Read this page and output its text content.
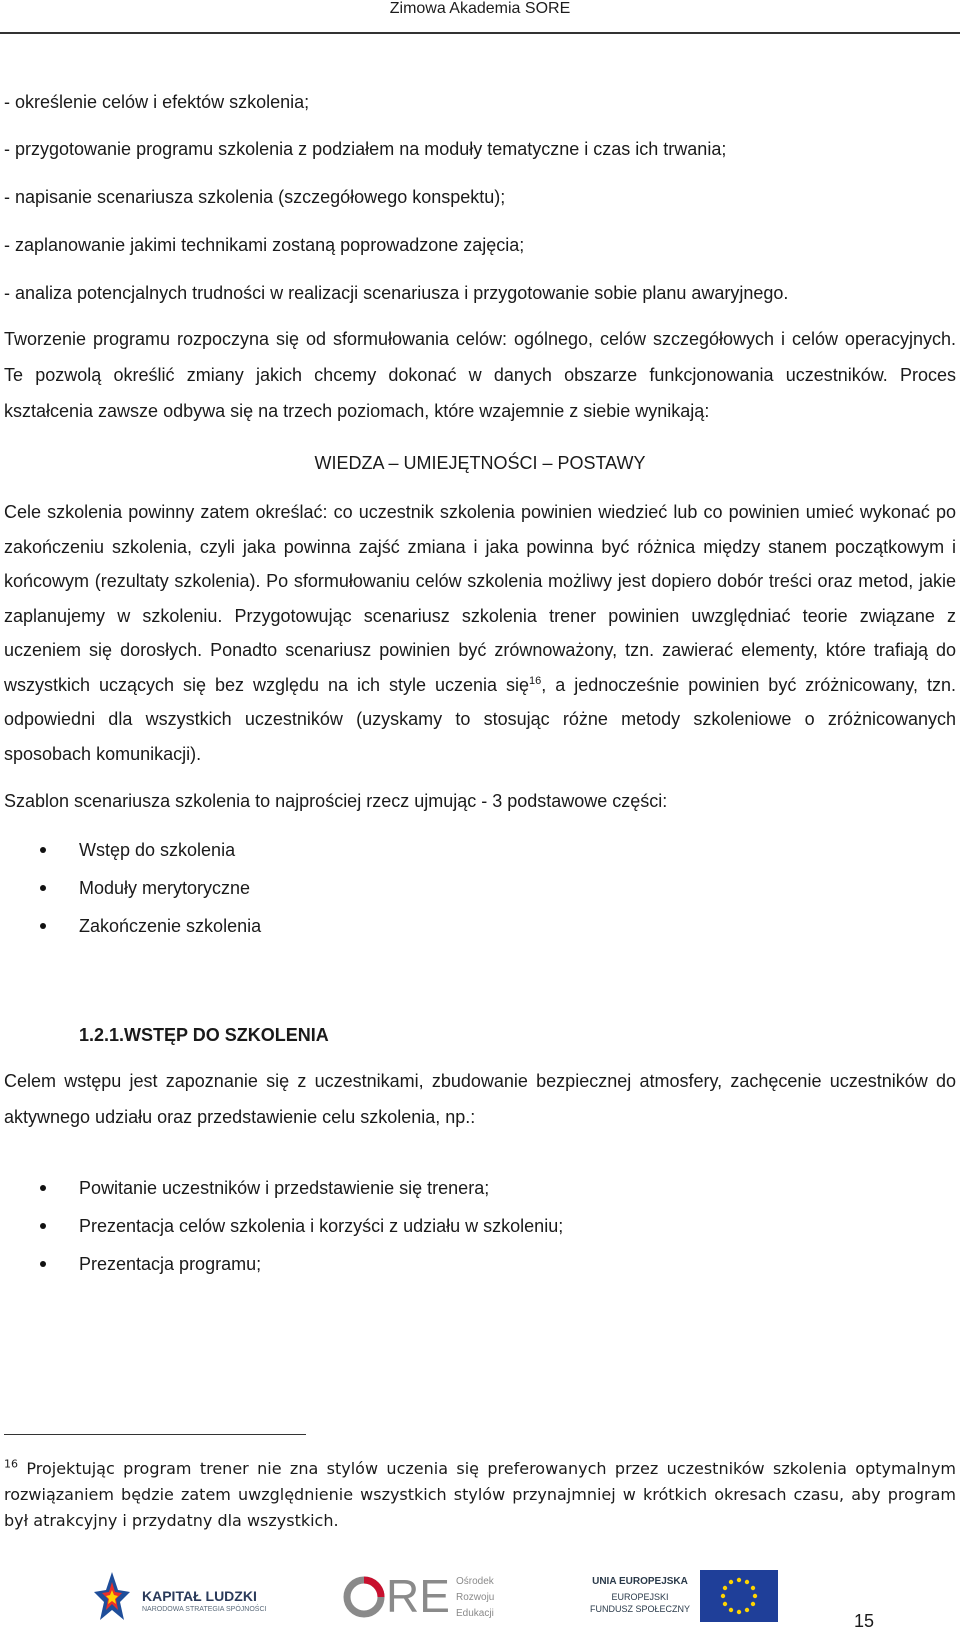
Zimowa Akademia SORE

- określenie celów i efektów szkolenia;

- przygotowanie programu szkolenia z podziałem na moduły tematyczne i czas ich trwania;

- napisanie scenariusza szkolenia (szczegółowego konspektu);

- zaplanowanie jakimi technikami zostaną poprowadzone zajęcia;

- analiza potencjalnych trudności w realizacji scenariusza i przygotowanie sobie planu awaryjnego.

Tworzenie programu rozpoczyna się od sformułowania celów: ogólnego, celów szczegółowych i celów operacyjnych. Te pozwolą określić zmiany jakich chcemy dokonać w danych obszarze funkcjonowania uczestników. Proces kształcenia zawsze odbywa się na trzech poziomach, które wzajemnie z siebie wynikają:

WIEDZA – UMIEJĘTNOŚCI – POSTAWY

Cele szkolenia powinny zatem określać: co uczestnik szkolenia powinien wiedzieć lub co powinien umieć wykonać po zakończeniu szkolenia, czyli jaka powinna zajść zmiana i jaka powinna być różnica między stanem początkowym i końcowym (rezultaty szkolenia). Po sformułowaniu celów szkolenia możliwy jest dopiero dobór treści oraz metod, jakie zaplanujemy w szkoleniu. Przygotowując scenariusz szkolenia trener powinien uwzględniać teorie związane z uczeniem się dorosłych. Ponadto scenariusz powinien być zrównoważony, tzn. zawierać elementy, które trafiają do wszystkich uczących się bez względu na ich style uczenia się$^{16}$, a jednocześnie powinien być zróżnicowany, tzn. odpowiedni dla wszystkich uczestników (uzyskamy to stosując różne metody szkoleniowe o zróżnicowanych sposobach komunikacji).

Szablon scenariusza szkolenia to najprościej rzecz ujmując - 3 podstawowe części:

Wstęp do szkolenia
Moduły merytoryczne
Zakończenie szkolenia

1.2.1.WSTĘP DO SZKOLENIA

Celem wstępu jest zapoznanie się z uczestnikami, zbudowanie bezpiecznej atmosfery, zachęcenie uczestników do aktywnego udziału oraz przedstawienie celu szkolenia, np.:

Powitanie uczestników i przedstawienie się trenera;
Prezentacja celów szkolenia i korzyści z udziału w szkoleniu;
Prezentacja programu;
$^{16}$ Projektując program trener nie zna stylów uczenia się preferowanych przez uczestników szkolenia optymalnym rozwiązaniem będzie zatem uwzględnienie wszystkich stylów przynajmniej w krótkich okresach czasu, aby program był atrakcyjny i przydatny dla wszystkich.
KAPITAŁ LUDZKI
NARODOWA STRATEGIA SPÓJNOŚCI	RE Ośrodek
Rozwoju
Edukacji
UNIA EUROPEJSKA
EUROPEJSKI
FUNDUSZ SPOŁECZNY
15
